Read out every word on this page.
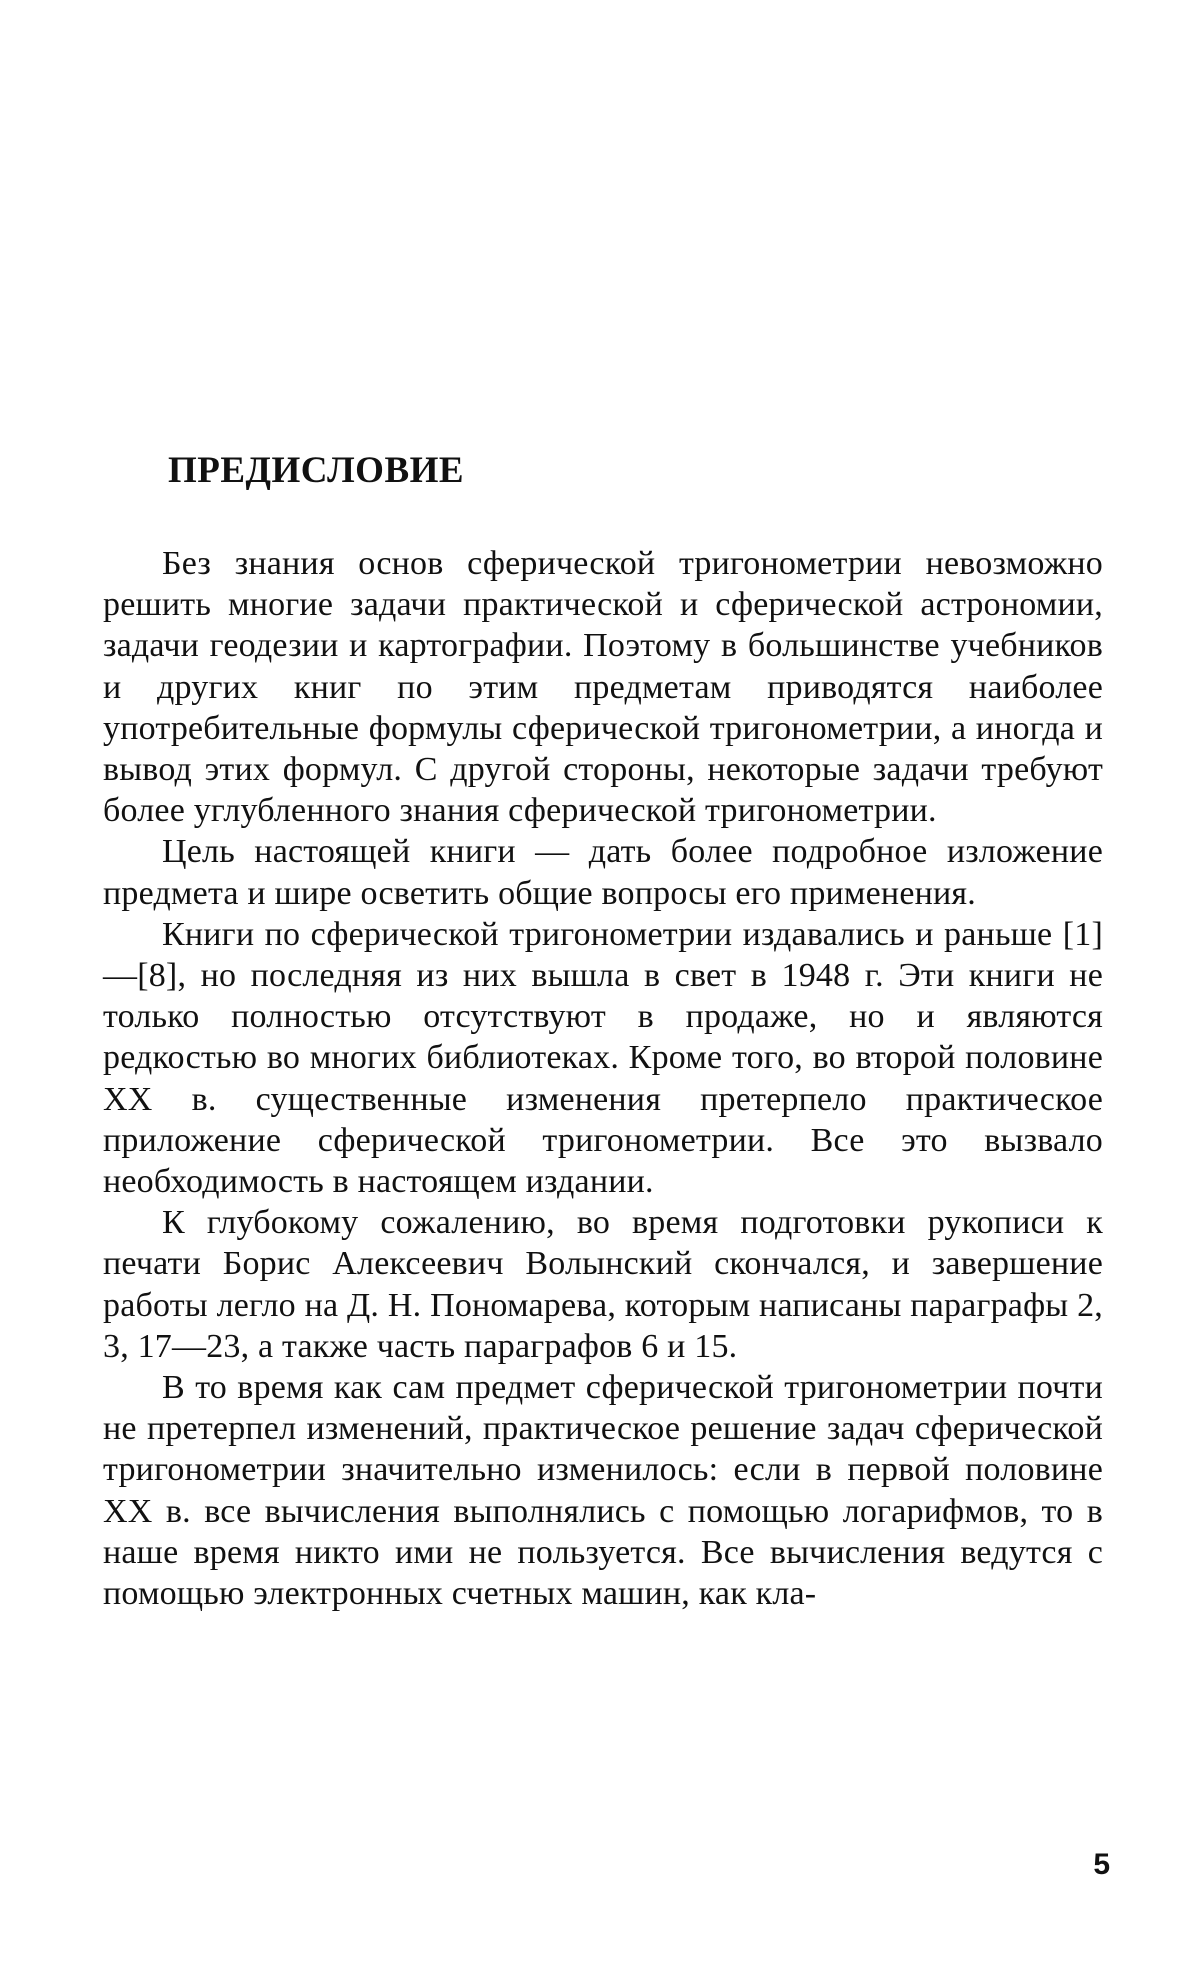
ПРЕДИСЛОВИЕ

Без знания основ сферической тригонометрии невозможно решить многие задачи практической и сферической астрономии, задачи геодезии и картографии. Поэтому в большинстве учебников и других книг по этим предметам приводятся наиболее употребительные формулы сферической тригонометрии, а иногда и вывод этих формул. С другой стороны, некоторые задачи требуют более углубленного знания сферической тригонометрии.

Цель настоящей книги — дать более подробное изложение предмета и шире осветить общие вопросы его применения.

Книги по сферической тригонометрии издавались и раньше [1]—[8], но последняя из них вышла в свет в 1948 г. Эти книги не только полностью отсутствуют в продаже, но и являются редкостью во многих библиотеках. Кроме того, во второй половине XX в. существенные изменения претерпело практическое приложение сферической тригонометрии. Все это вызвало необходимость в настоящем издании.

К глубокому сожалению, во время подготовки рукописи к печати Борис Алексеевич Волынский скончался, и завершение работы легло на Д. Н. Пономарева, которым написаны параграфы 2, 3, 17—23, а также часть параграфов 6 и 15.

В то время как сам предмет сферической тригонометрии почти не претерпел изменений, практическое решение задач сферической тригонометрии значительно изменилось: если в первой половине XX в. все вычисления выполнялись с помощью логарифмов, то в наше время никто ими не пользуется. Все вычисления ведутся с помощью электронных счетных машин, как кла-

5
